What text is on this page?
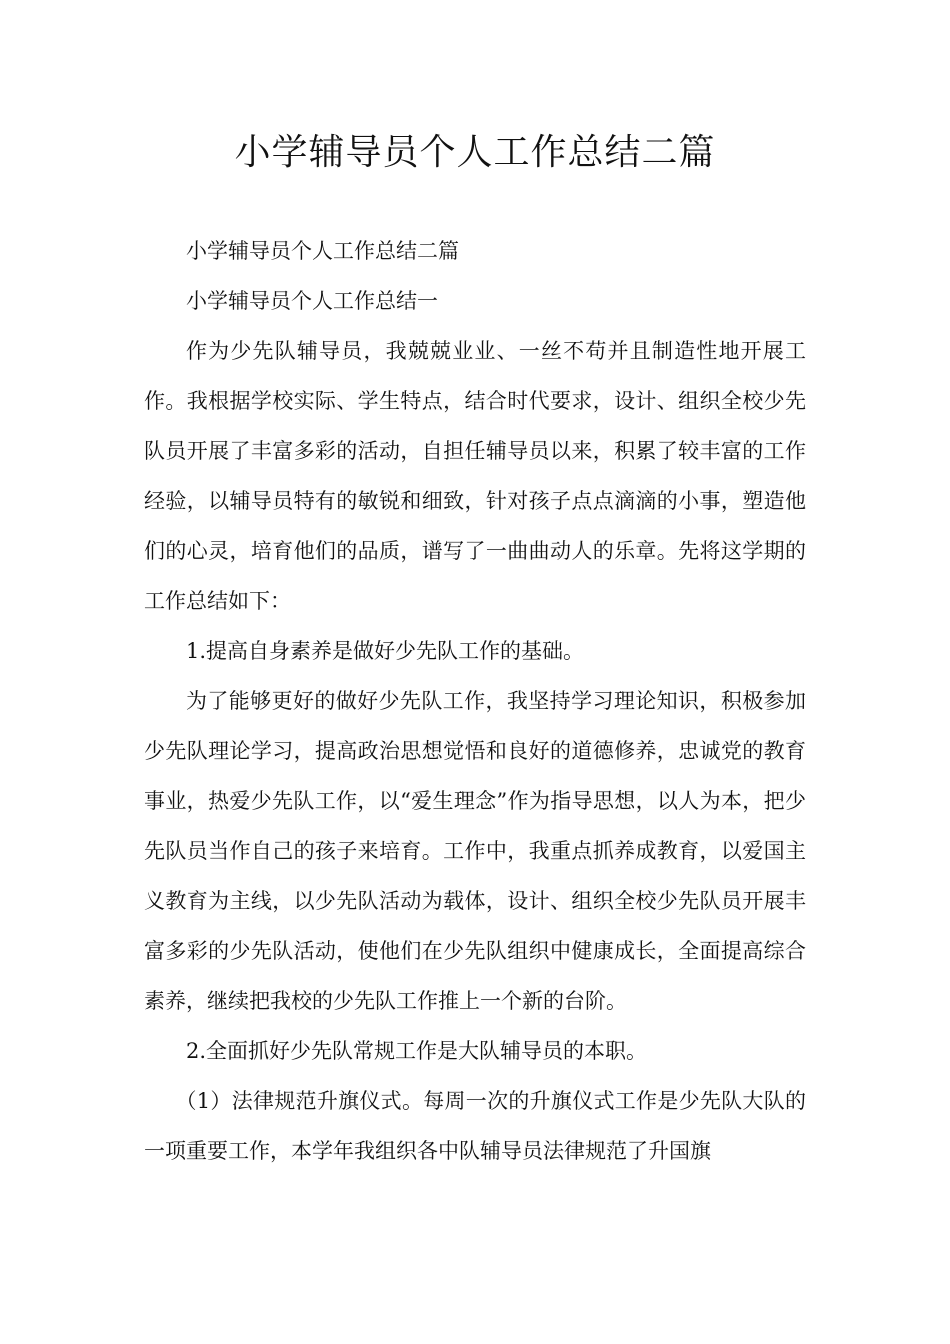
小学辅导员个人工作总结二篇

小学辅导员个人工作总结二篇

小学辅导员个人工作总结一

作为少先队辅导员，我兢兢业业、一丝不苟并且制造性地开展工作。我根据学校实际、学生特点，结合时代要求，设计、组织全校少先队员开展了丰富多彩的活动，自担任辅导员以来，积累了较丰富的工作经验，以辅导员特有的敏锐和细致，针对孩子点点滴滴的小事，塑造他们的心灵，培育他们的品质，谱写了一曲曲动人的乐章。先将这学期的工作总结如下：

1.提高自身素养是做好少先队工作的基础。

为了能够更好的做好少先队工作，我坚持学习理论知识，积极参加少先队理论学习，提高政治思想觉悟和良好的道德修养，忠诚党的教育事业，热爱少先队工作，以“爱生理念”作为指导思想，以人为本，把少先队员当作自己的孩子来培育。工作中，我重点抓养成教育，以爱国主义教育为主线，以少先队活动为载体，设计、组织全校少先队员开展丰富多彩的少先队活动，使他们在少先队组织中健康成长，全面提高综合素养，继续把我校的少先队工作推上一个新的台阶。

2.全面抓好少先队常规工作是大队辅导员的本职。

（1）法律规范升旗仪式。每周一次的升旗仪式工作是少先队大队的一项重要工作，本学年我组织各中队辅导员法律规范了升国旗
